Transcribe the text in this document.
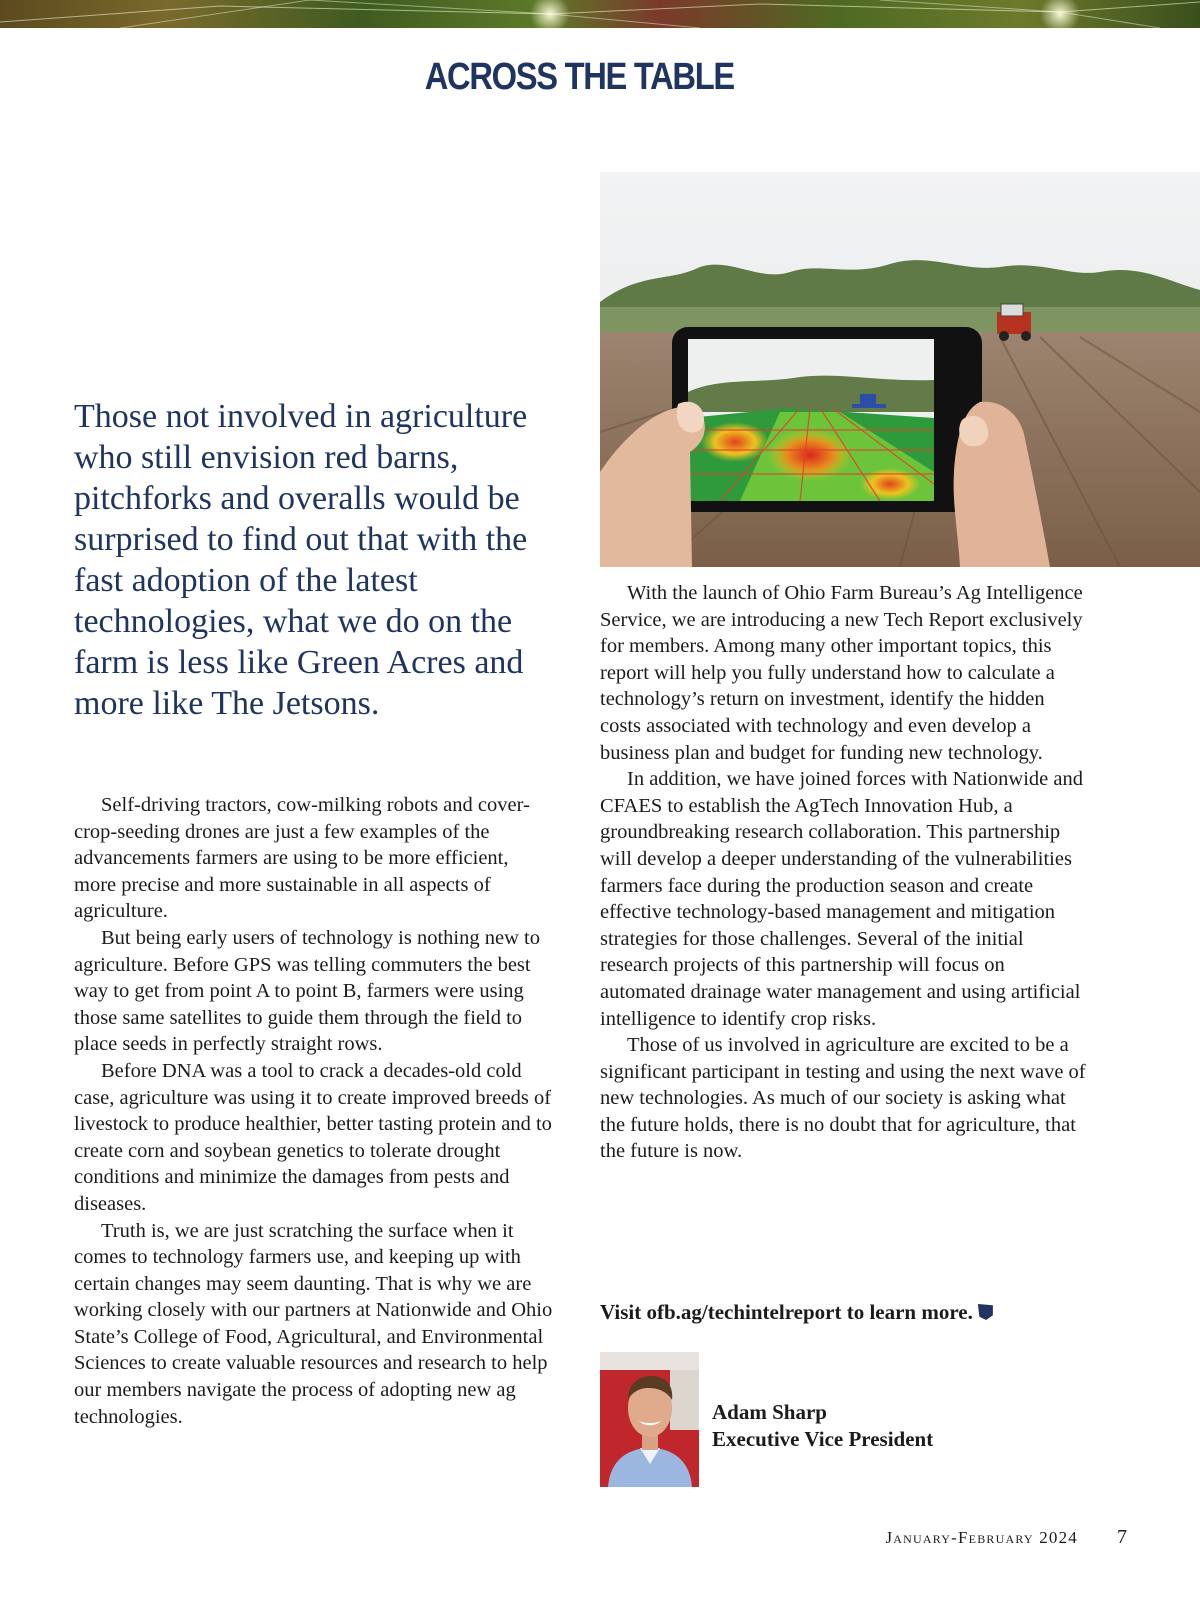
ACROSS THE TABLE
Those not involved in agriculture who still envision red barns, pitchforks and overalls would be surprised to find out that with the fast adoption of the latest technologies, what we do on the farm is less like Green Acres and more like The Jetsons.

Self-driving tractors, cow-milking robots and cover-crop-seeding drones are just a few examples of the advancements farmers are using to be more efficient, more precise and more sustainable in all aspects of agriculture.

But being early users of technology is nothing new to agriculture. Before GPS was telling commuters the best way to get from point A to point B, farmers were using those same satellites to guide them through the field to place seeds in perfectly straight rows.

Before DNA was a tool to crack a decades-old cold case, agriculture was using it to create improved breeds of livestock to produce healthier, better tasting protein and to create corn and soybean genetics to tolerate drought conditions and minimize the damages from pests and diseases.

Truth is, we are just scratching the surface when it comes to technology farmers use, and keeping up with certain changes may seem daunting. That is why we are working closely with our partners at Nationwide and Ohio State’s College of Food, Agricultural, and Environmental Sciences to create valuable resources and research to help our members navigate the process of adopting new ag technologies.

With the launch of Ohio Farm Bureau’s Ag Intelligence Service, we are introducing a new Tech Report exclusively for members. Among many other important topics, this report will help you fully understand how to calculate a technology’s return on investment, identify the hidden costs associated with technology and even develop a business plan and budget for funding new technology.

In addition, we have joined forces with Nationwide and CFAES to establish the AgTech Innovation Hub, a groundbreaking research collaboration. This partnership will develop a deeper understanding of the vulnerabilities farmers face during the production season and create effective technology-based management and mitigation strategies for those challenges. Several of the initial research projects of this partnership will focus on automated drainage water management and using artificial intelligence to identify crop risks.

Those of us involved in agriculture are excited to be a significant participant in testing and using the next wave of new technologies. As much of our society is asking what the future holds, there is no doubt that for agriculture, that the future is now.

Visit ofb.ag/techintelreport to learn more.
Adam Sharp
Executive Vice President
January-February 2024 7
